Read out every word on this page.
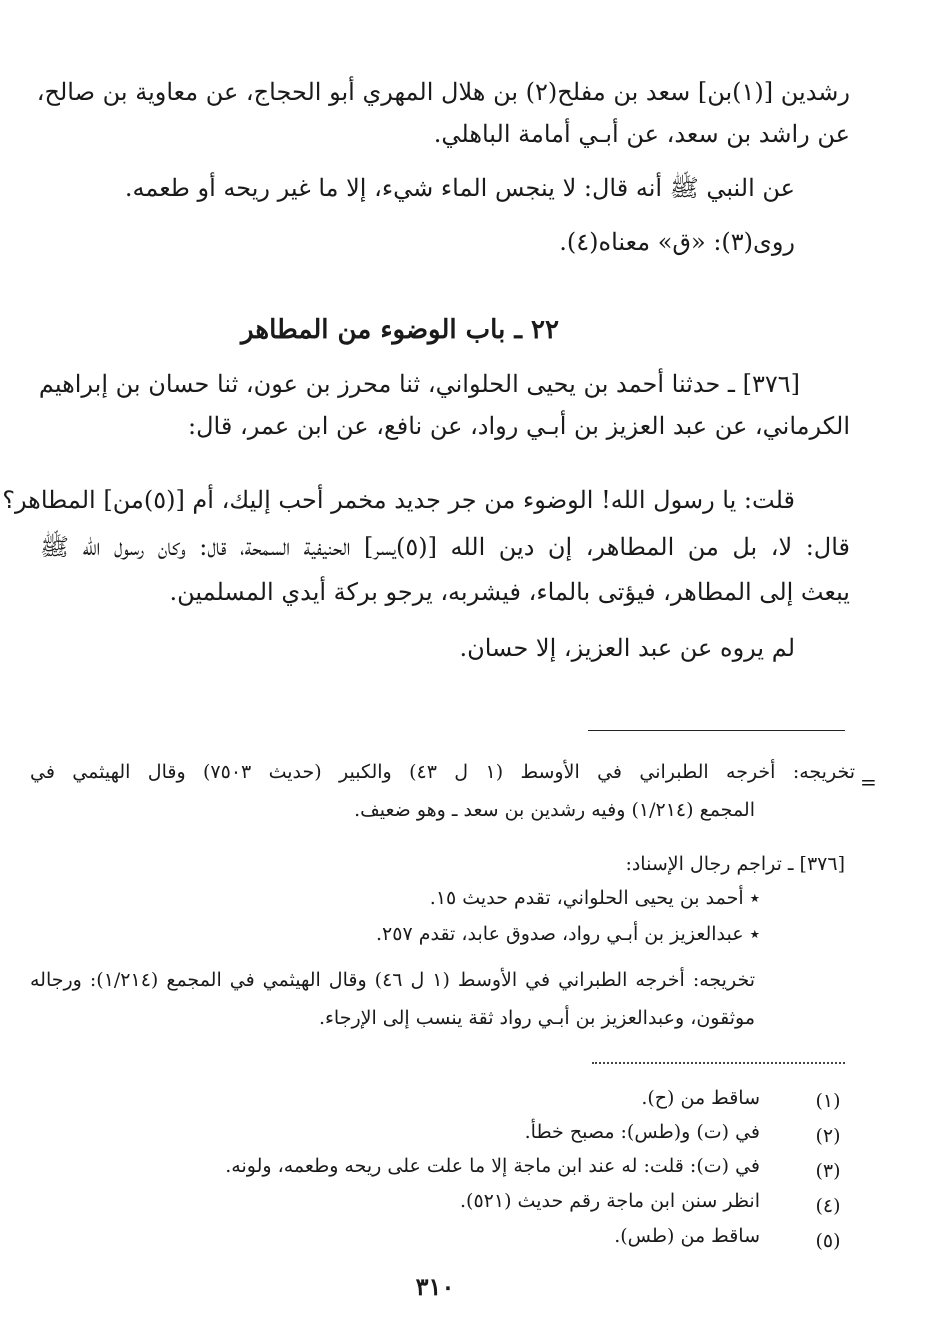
رشدين [(١)بن] سعد بن مفلح(٢) بن هلال المهري أبو الحجاج، عن معاوية بن صالح،
عن راشد بن سعد، عن أبـي أمامة الباهلي.
عن النبي ﷺ أنه قال: لا ينجس الماء شيء، إلا ما غير ريحه أو طعمه.
روى(٣): «ق» معناه(٤).
٢٢ ـ باب الوضوء من المطاهر
[٣٧٦] ـ حدثنا أحمد بن يحيى الحلواني، ثنا محرز بن عون، ثنا حسان بن إبراهيم
الكرماني، عن عبد العزيز بن أبـي رواد، عن نافع، عن ابن عمر، قال:
قلت: يا رسول الله! الوضوء من جر جديد مخمر أحب إليك، أم [(٥)من] المطاهر؟
قال: لا، بل من المطاهر، إن دين الله [(٥)يسر] الحنيفية السمحة، قال: وكان رسول الله ﷺ
يبعث إلى المطاهر، فيؤتى بالماء، فيشربه، يرجو بركة أيدي المسلمين.
لم يروه عن عبد العزيز، إلا حسان.
=
تخريجه: أخرجه الطبراني في الأوسط (١ ل ٤٣) والكبير (حديث ٧٥٠٣) وقال الهيثمي في
المجمع (١/٢١٤) وفيه رشدين بن سعد ـ وهو ضعيف.
[٣٧٦] ـ تراجم رجال الإسناد:
٭ أحمد بن يحيى الحلواني، تقدم حديث ١٥.
٭ عبدالعزيز بن أبـي رواد، صدوق عابد، تقدم ٢٥٧.
تخريجه: أخرجه الطبراني في الأوسط (١ ل ٤٦) وقال الهيثمي في المجمع (١/٢١٤): ورجاله
موثقون، وعبدالعزيز بن أبـي رواد ثقة ينسب إلى الإرجاء.
(١)
ساقط من (ح).
(٢)
في (ت) و(طس): مصبح خطأ.
(٣)
في (ت): قلت: له عند ابن ماجة إلا ما علت على ريحه وطعمه، ولونه.
(٤)
انظر سنن ابن ماجة رقم حديث (٥٢١).
(٥)
ساقط من (طس).
٣١٠
